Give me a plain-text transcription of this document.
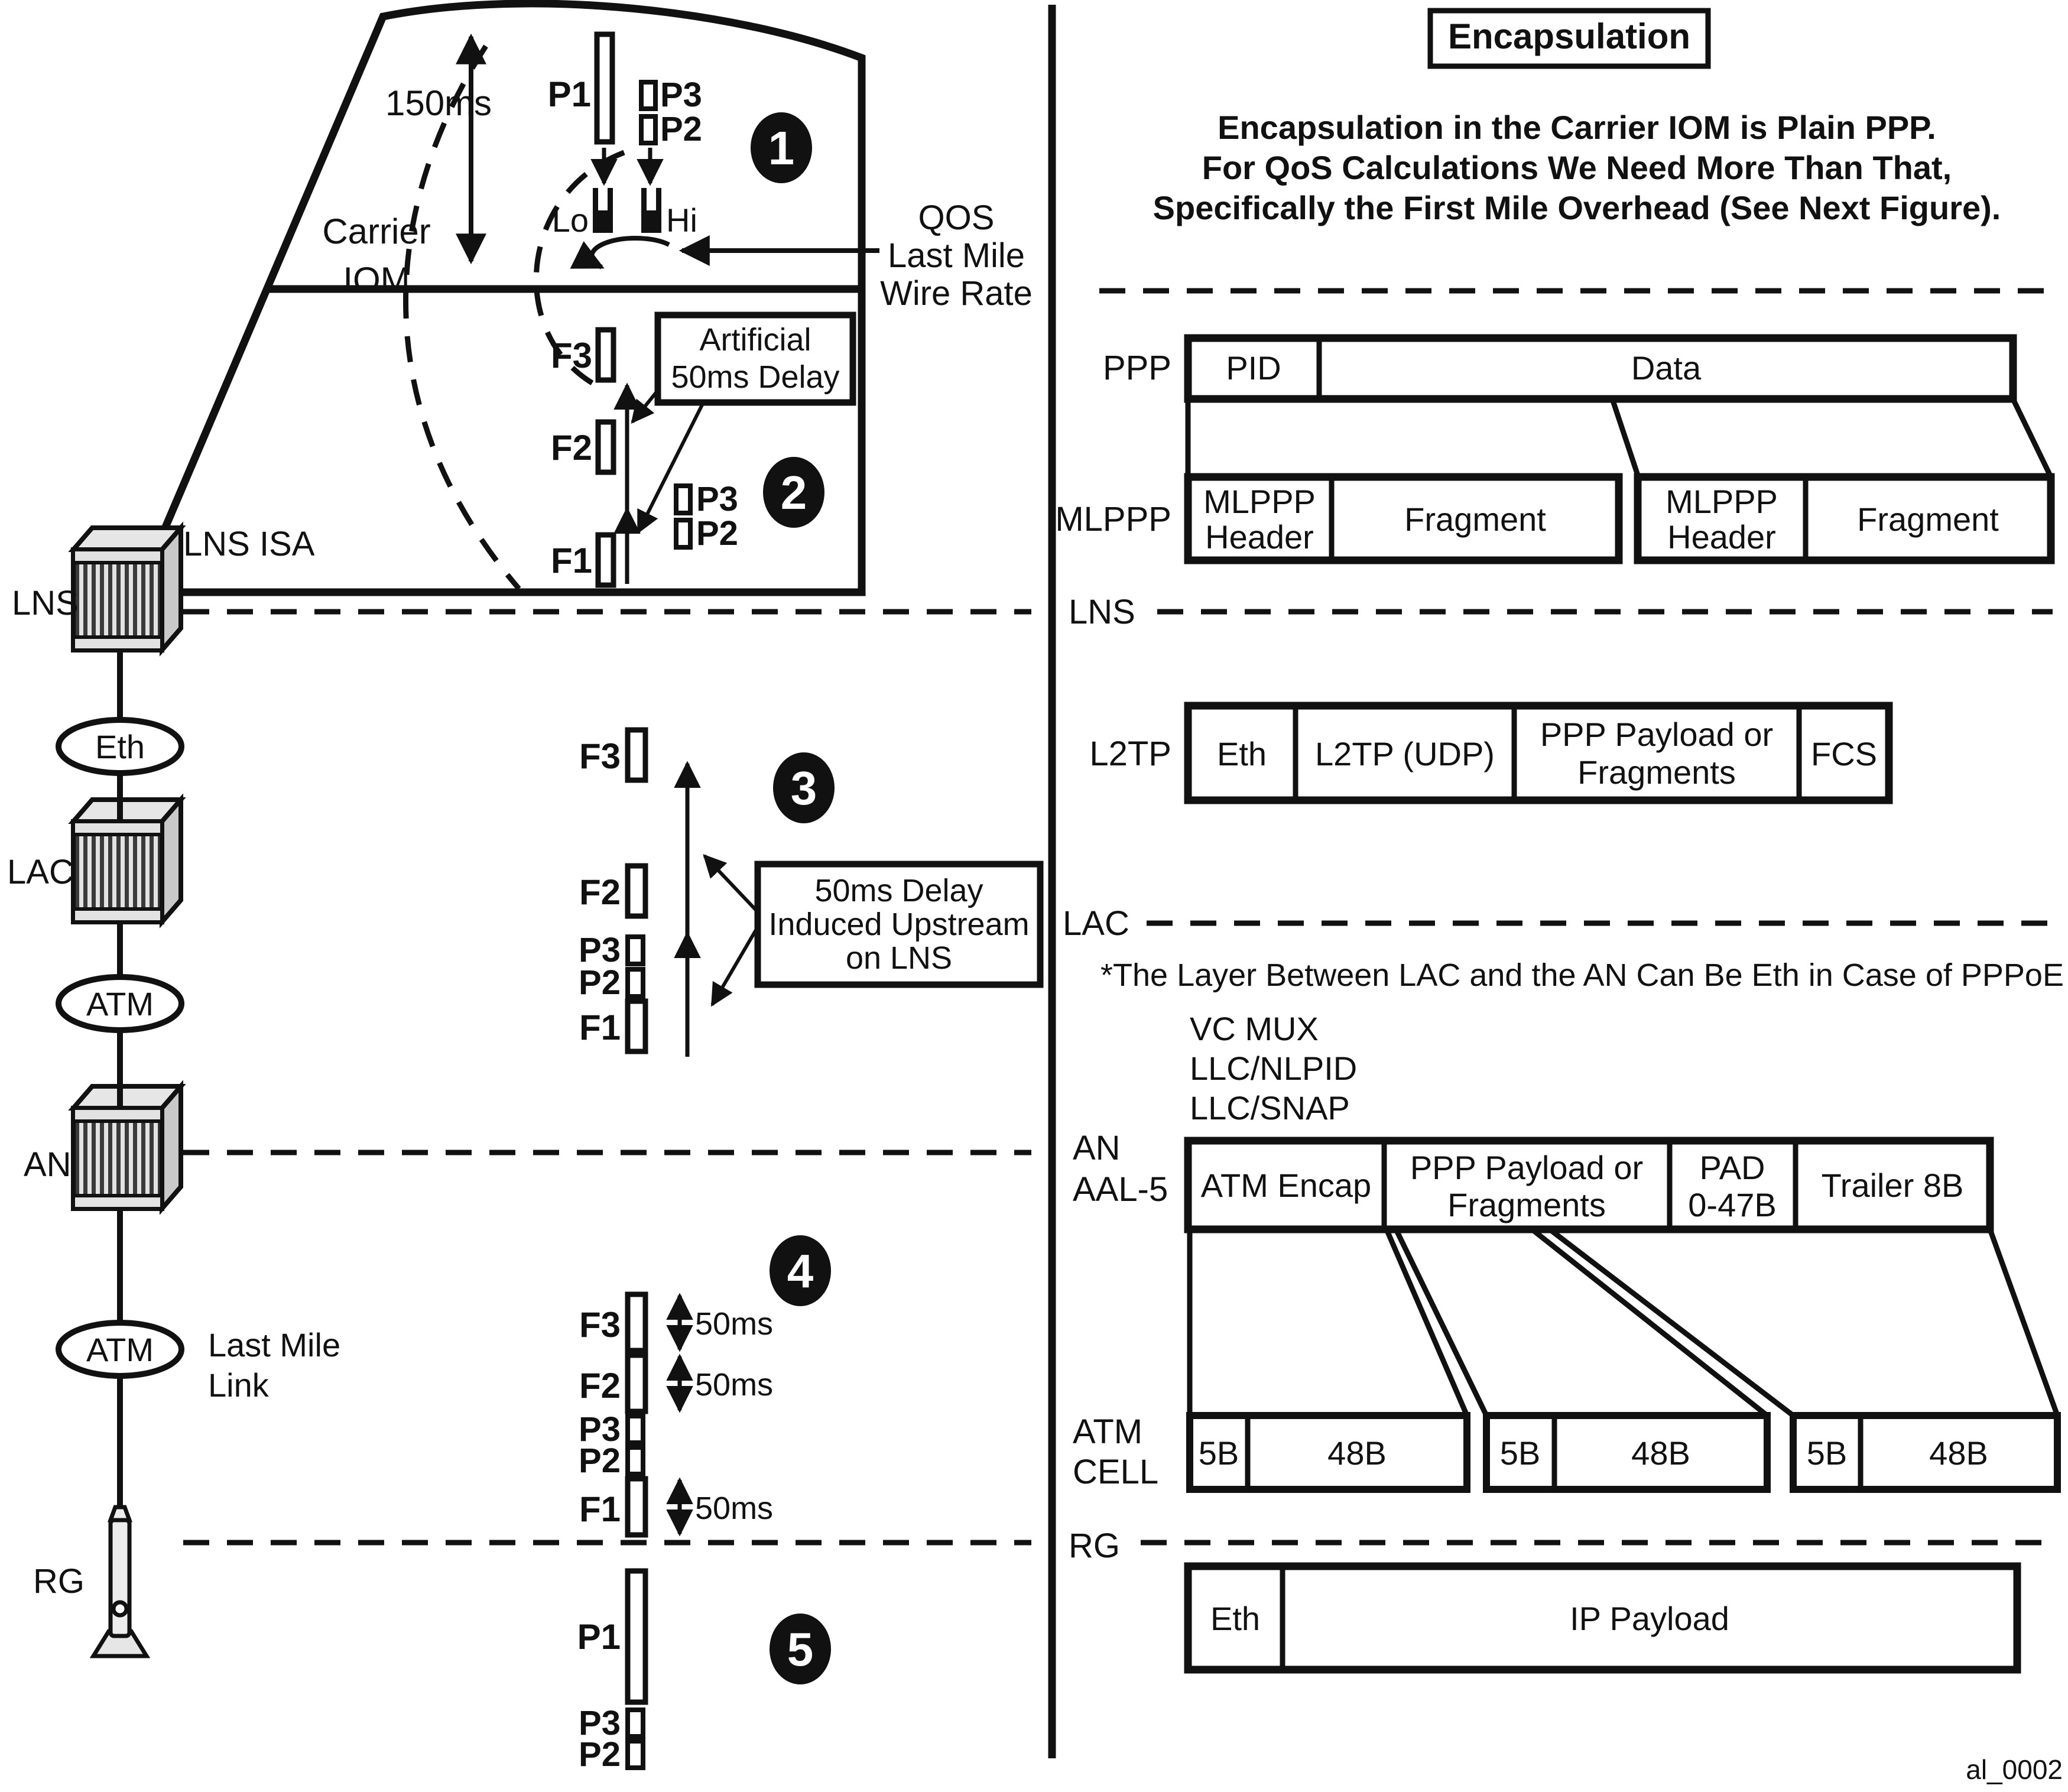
150ms
Carrier
IOM
P1 P3
P2
Lo Hi	QOS
Last Mile
Wire Rate
1
Artificial
50ms Delay
F3
F2
F1
P3
P2
2
LNS
LNS ISA
LAC
AN
RG
Eth
ATM
ATM Last Mile
Link
F3
3
F2
P3
P2
F1
50ms Delay
Induced Upstream
on LNS
4
F3
F2
P3
P2
F1
50ms
50ms
50ms
P1
P3
P2
5
Encapsulation
Encapsulation in the Carrier IOM is Plain PPP.
For QoS Calculations We Need More Than That,
Specifically the First Mile Overhead (See Next Figure).
PPP PID	Data
MLPPP MLPPP
Header	Fragment	MLPPP
Header Fragment
LNS
L2TP Eth L2TP (UDP)
PPP Payload or
Fragments FCS
LAC
*The Layer Between LAC and the AN Can Be Eth in Case of PPPoE
VC MUX
LLC/NLPID
LLC/SNAP
AN
AAL-5 ATM Encap PPP Payload or
Fragments
PAD
0-47B
Trailer 8B
ATM
CELL 5B	48B	5B	48B	5B 48B
RG
Eth	IP Payload
al_0002
